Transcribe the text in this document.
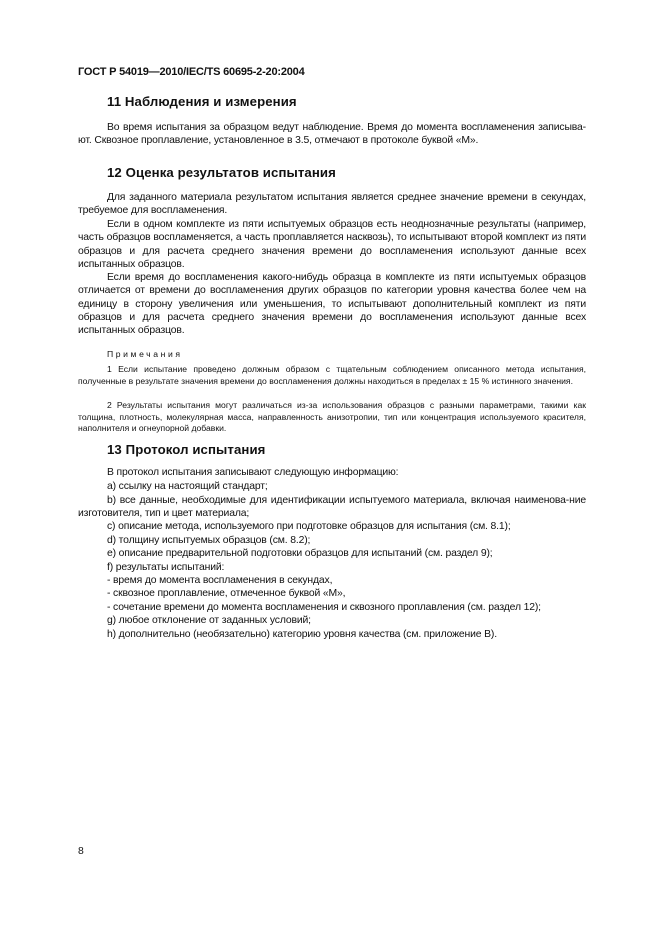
ГОСТ Р 54019—2010/IEC/TS 60695-2-20:2004
11 Наблюдения и измерения

Во время испытания за образцом ведут наблюдение. Время до момента воспламенения записыва-ют. Сквозное проплавление, установленное в 3.5, отмечают в протоколе буквой «М».

12 Оценка результатов испытания

Для заданного материала результатом испытания является среднее значение времени в секундах, требуемое для воспламенения.

Если в одном комплекте из пяти испытуемых образцов есть неоднозначные результаты (например, часть образцов воспламеняется, а часть проплавляется насквозь), то испытывают второй комплект из пяти образцов и для расчета среднего значения времени до воспламенения используют данные всех испытанных образцов.

Если время до воспламенения какого-нибудь образца в комплекте из пяти испытуемых образцов отличается от времени до воспламенения других образцов по категории уровня качества более чем на единицу в сторону увеличения или уменьшения, то испытывают дополнительный комплект из пяти образцов и для расчета среднего значения времени до воспламенения используют данные всех испытанных образцов.

Примечания

1 Если испытание проведено должным образом с тщательным соблюдением описанного метода испытания, полученные в результате значения времени до воспламенения должны находиться в пределах ± 15 % истинного значения.

2 Результаты испытания могут различаться из-за использования образцов с разными параметрами, такими как толщина, плотность, молекулярная масса, направленность анизотропии, тип или концентрация используемого красителя, наполнителя и огнеупорной добавки.

13 Протокол испытания
В протокол испытания записывают следующую информацию:
a) ссылку на настоящий стандарт;

b) все данные, необходимые для идентификации испытуемого материала, включая наименова-ние изготовителя, тип и цвет материала;

c) описание метода, используемого при подготовке образцов для испытания (см. 8.1);
d) толщину испытуемых образцов (см. 8.2);
e) описание предварительной подготовки образцов для испытаний (см. раздел 9);
f) результаты испытаний:
- время до момента воспламенения в секундах,
- сквозное проплавление, отмеченное буквой «М»,
- сочетание времени до момента воспламенения и сквозного проплавления (см. раздел 12);
g) любое отклонение от заданных условий;
h) дополнительно (необязательно) категорию уровня качества (см. приложение В).
8
